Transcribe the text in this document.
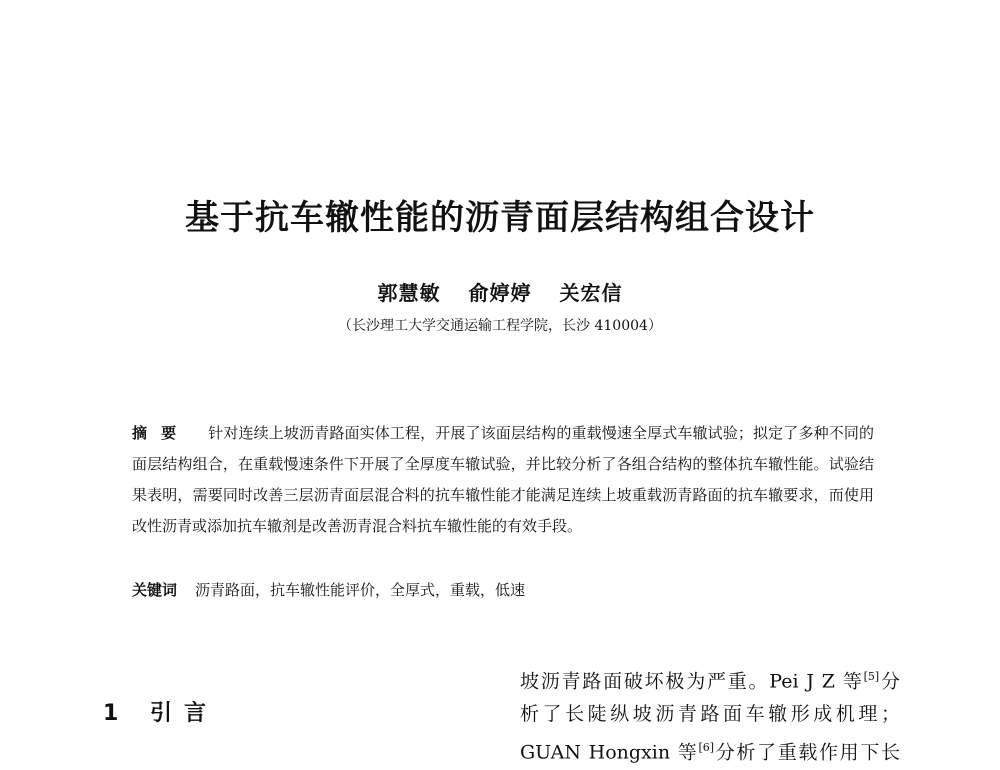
基于抗车辙性能的沥青面层结构组合设计
郭慧敏 俞婷婷 关宏信
（长沙理工大学交通运输工程学院，长沙 410004）
摘要 针对连续上坡沥青路面实体工程，开展了该面层结构的重载慢速全厚式车辙试验；拟定了多种不同的面层结构组合，在重载慢速条件下开展了全厚度车辙试验，并比较分析了各组合结构的整体抗车辙性能。试验结果表明，需要同时改善三层沥青面层混合料的抗车辙性能才能满足连续上坡重载沥青路面的抗车辙要求，而使用改性沥青或添加抗车辙剂是改善沥青混合料抗车辙性能的有效手段。
关键词 沥青路面，抗车辙性能评价，全厚式，重载，低速
1 引言
坡沥青路面破坏极为严重。Pei J Z 等[5]分
析了长陡纵坡沥青路面车辙形成机理；
GUAN Hongxin 等[6]分析了重载作用下长
